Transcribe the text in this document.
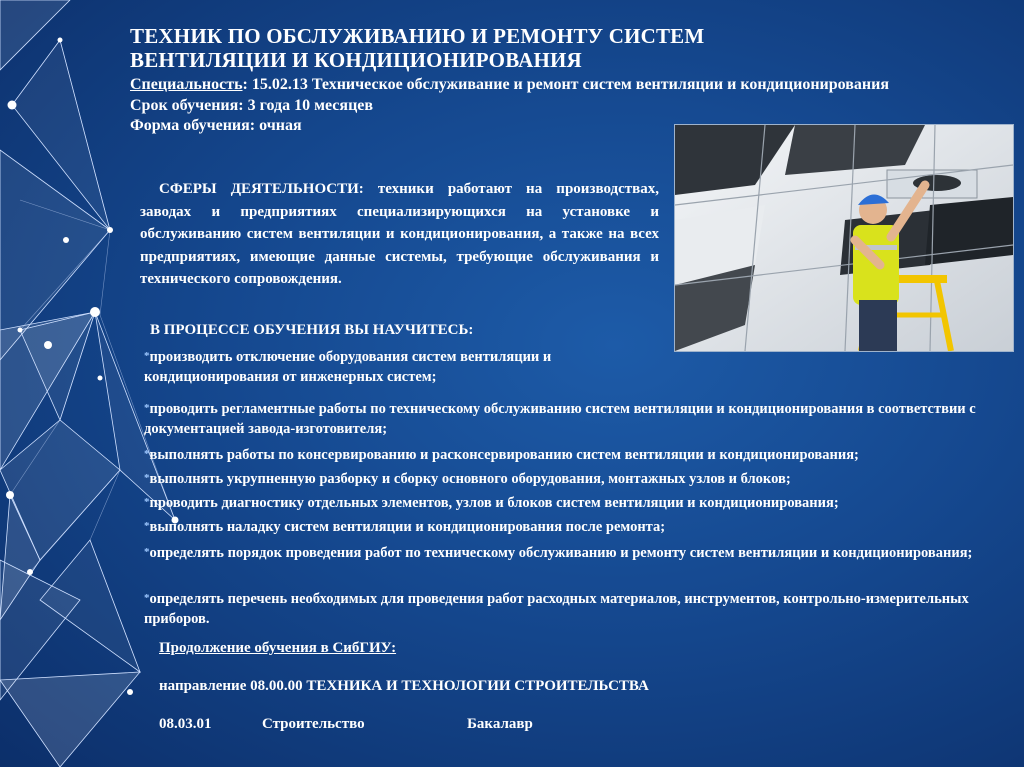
ТЕХНИК ПО ОБСЛУЖИВАНИЮ И РЕМОНТУ СИСТЕМ
ВЕНТИЛЯЦИИ И КОНДИЦИОНИРОВАНИЯ
Специальность: 15.02.13 Техническое обслуживание и ремонт систем вентиляции и кондиционирования
Срок обучения: 3 года 10 месяцев
Форма обучения: очная
СФЕРЫ ДЕЯТЕЛЬНОСТИ: техники работают на производствах, заводах и предприятиях специализирующихся на установке и обслуживанию систем вентиляции и кондиционирования, а также на всех предприятиях, имеющие данные системы, требующие обслуживания и технического сопровождения.
В ПРОЦЕССЕ ОБУЧЕНИЯ ВЫ НАУЧИТЕСЬ:
*производить отключение оборудования систем вентиляции и кондиционирования от инженерных систем;
*проводить регламентные работы по техническому обслуживанию систем вентиляции и кондиционирования в соответствии с документацией завода-изготовителя;
*выполнять работы по консервированию и расконсервированию систем вентиляции и кондиционирования;
*выполнять укрупненную разборку и сборку основного оборудования, монтажных узлов и блоков;
*проводить диагностику отдельных элементов, узлов и блоков систем вентиляции и кондиционирования;
*выполнять наладку систем вентиляции и кондиционирования после ремонта;
*определять порядок проведения работ по техническому обслуживанию и ремонту систем вентиляции и кондиционирования;
*определять перечень необходимых для проведения работ расходных материалов, инструментов, контрольно-измерительных приборов.
Продолжение обучения в СибГИУ:
направление 08.00.00 ТЕХНИКА И ТЕХНОЛОГИИ СТРОИТЕЛЬСТВА
08.03.01	Строительство	Бакалавр
